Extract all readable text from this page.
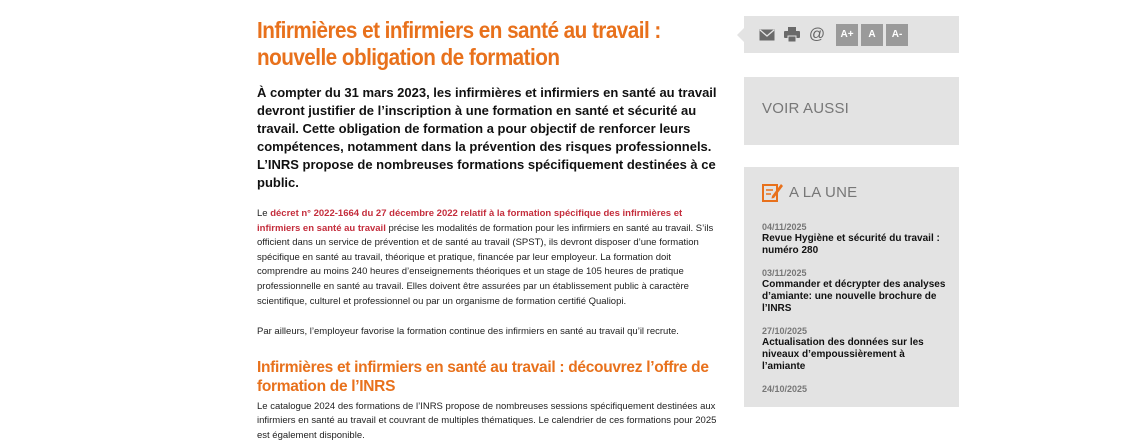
Infirmières et infirmiers en santé au travail : nouvelle obligation de formation

À compter du 31 mars 2023, les infirmières et infirmiers en santé au travail devront justifier de l’inscription à une formation en santé et sécurité au travail. Cette obligation de formation a pour objectif de renforcer leurs compétences, notamment dans la prévention des risques professionnels. L’INRS propose de nombreuses formations spécifiquement destinées à ce public.

Le décret n° 2022-1664 du 27 décembre 2022 relatif à la formation spécifique des infirmières et infirmiers en santé au travail précise les modalités de formation pour les infirmiers en santé au travail. S’ils officient dans un service de prévention et de santé au travail (SPST), ils devront disposer d’une formation spécifique en santé au travail, théorique et pratique, financée par leur employeur. La formation doit comprendre au moins 240 heures d’enseignements théoriques et un stage de 105 heures de pratique professionnelle en santé au travail. Elles doivent être assurées par un établissement public à caractère scientifique, culturel et professionnel ou par un organisme de formation certifié Qualiopi.

Par ailleurs, l’employeur favorise la formation continue des infirmiers en santé au travail qu’il recrute.

Infirmières et infirmiers en santé au travail : découvrez l’offre de formation de l’INRS

Le catalogue 2024 des formations de l’INRS propose de nombreuses sessions spécifiquement destinées aux infirmiers en santé au travail et couvrant de multiples thématiques. Le calendrier de ces formations pour 2025 est également disponible.

@	A+	A	A-
VOIR AUSSI
A LA UNE
04/11/2025
Revue Hygiène et sécurité du travail : numéro 280
03/11/2025
Commander et décrypter des analyses d’amiante: une nouvelle brochure de l’INRS
27/10/2025
Actualisation des données sur les niveaux d’empoussièrement à l’amiante
24/10/2025
